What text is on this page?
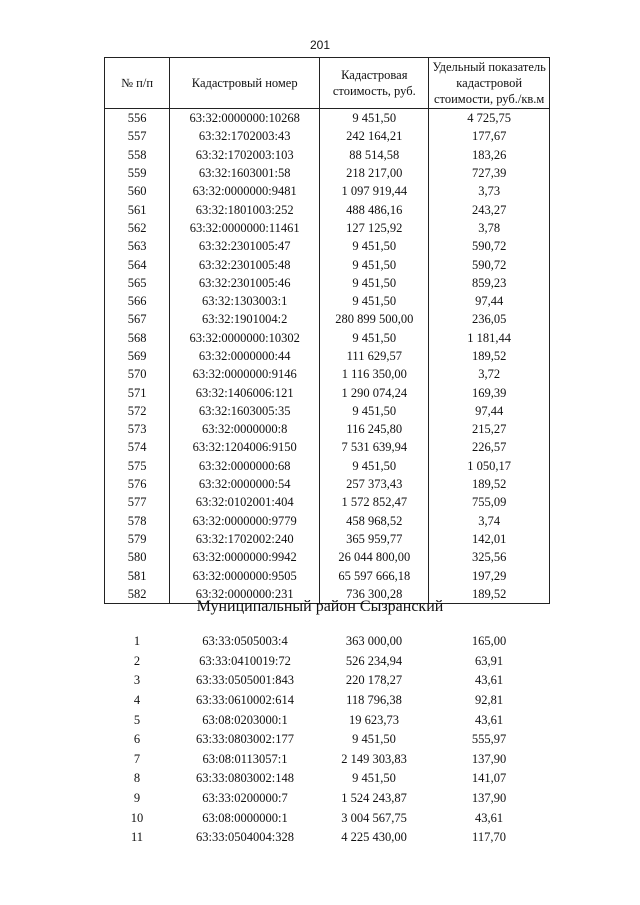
201
№ п/п	Кадастровый номер	Кадастровая стоимость, руб.	Удельный показатель кадастровой стоимости, руб./кв.м
556	63:32:0000000:10268	9 451,50	4 725,75
557	63:32:1702003:43	242 164,21	177,67
558	63:32:1702003:103	88 514,58	183,26
559	63:32:1603001:58	218 217,00	727,39
560	63:32:0000000:9481	1 097 919,44	3,73
561	63:32:1801003:252	488 486,16	243,27
562	63:32:0000000:11461	127 125,92	3,78
563	63:32:2301005:47	9 451,50	590,72
564	63:32:2301005:48	9 451,50	590,72
565	63:32:2301005:46	9 451,50	859,23
566	63:32:1303003:1	9 451,50	97,44
567	63:32:1901004:2	280 899 500,00	236,05
568	63:32:0000000:10302	9 451,50	1 181,44
569	63:32:0000000:44	111 629,57	189,52
570	63:32:0000000:9146	1 116 350,00	3,72
571	63:32:1406006:121	1 290 074,24	169,39
572	63:32:1603005:35	9 451,50	97,44
573	63:32:0000000:8	116 245,80	215,27
574	63:32:1204006:9150	7 531 639,94	226,57
575	63:32:0000000:68	9 451,50	1 050,17
576	63:32:0000000:54	257 373,43	189,52
577	63:32:0102001:404	1 572 852,47	755,09
578	63:32:0000000:9779	458 968,52	3,74
579	63:32:1702002:240	365 959,77	142,01
580	63:32:0000000:9942	26 044 800,00	325,56
581	63:32:0000000:9505	65 597 666,18	197,29
582	63:32:0000000:231	736 300,28	189,52
Муниципальный район Сызранский
1	63:33:0505003:4	363 000,00	165,00
2	63:33:0410019:72	526 234,94	63,91
3	63:33:0505001:843	220 178,27	43,61
4	63:33:0610002:614	118 796,38	92,81
5	63:08:0203000:1	19 623,73	43,61
6	63:33:0803002:177	9 451,50	555,97
7	63:08:0113057:1	2 149 303,83	137,90
8	63:33:0803002:148	9 451,50	141,07
9	63:33:0200000:7	1 524 243,87	137,90
10	63:08:0000000:1	3 004 567,75	43,61
11	63:33:0504004:328	4 225 430,00	117,70
